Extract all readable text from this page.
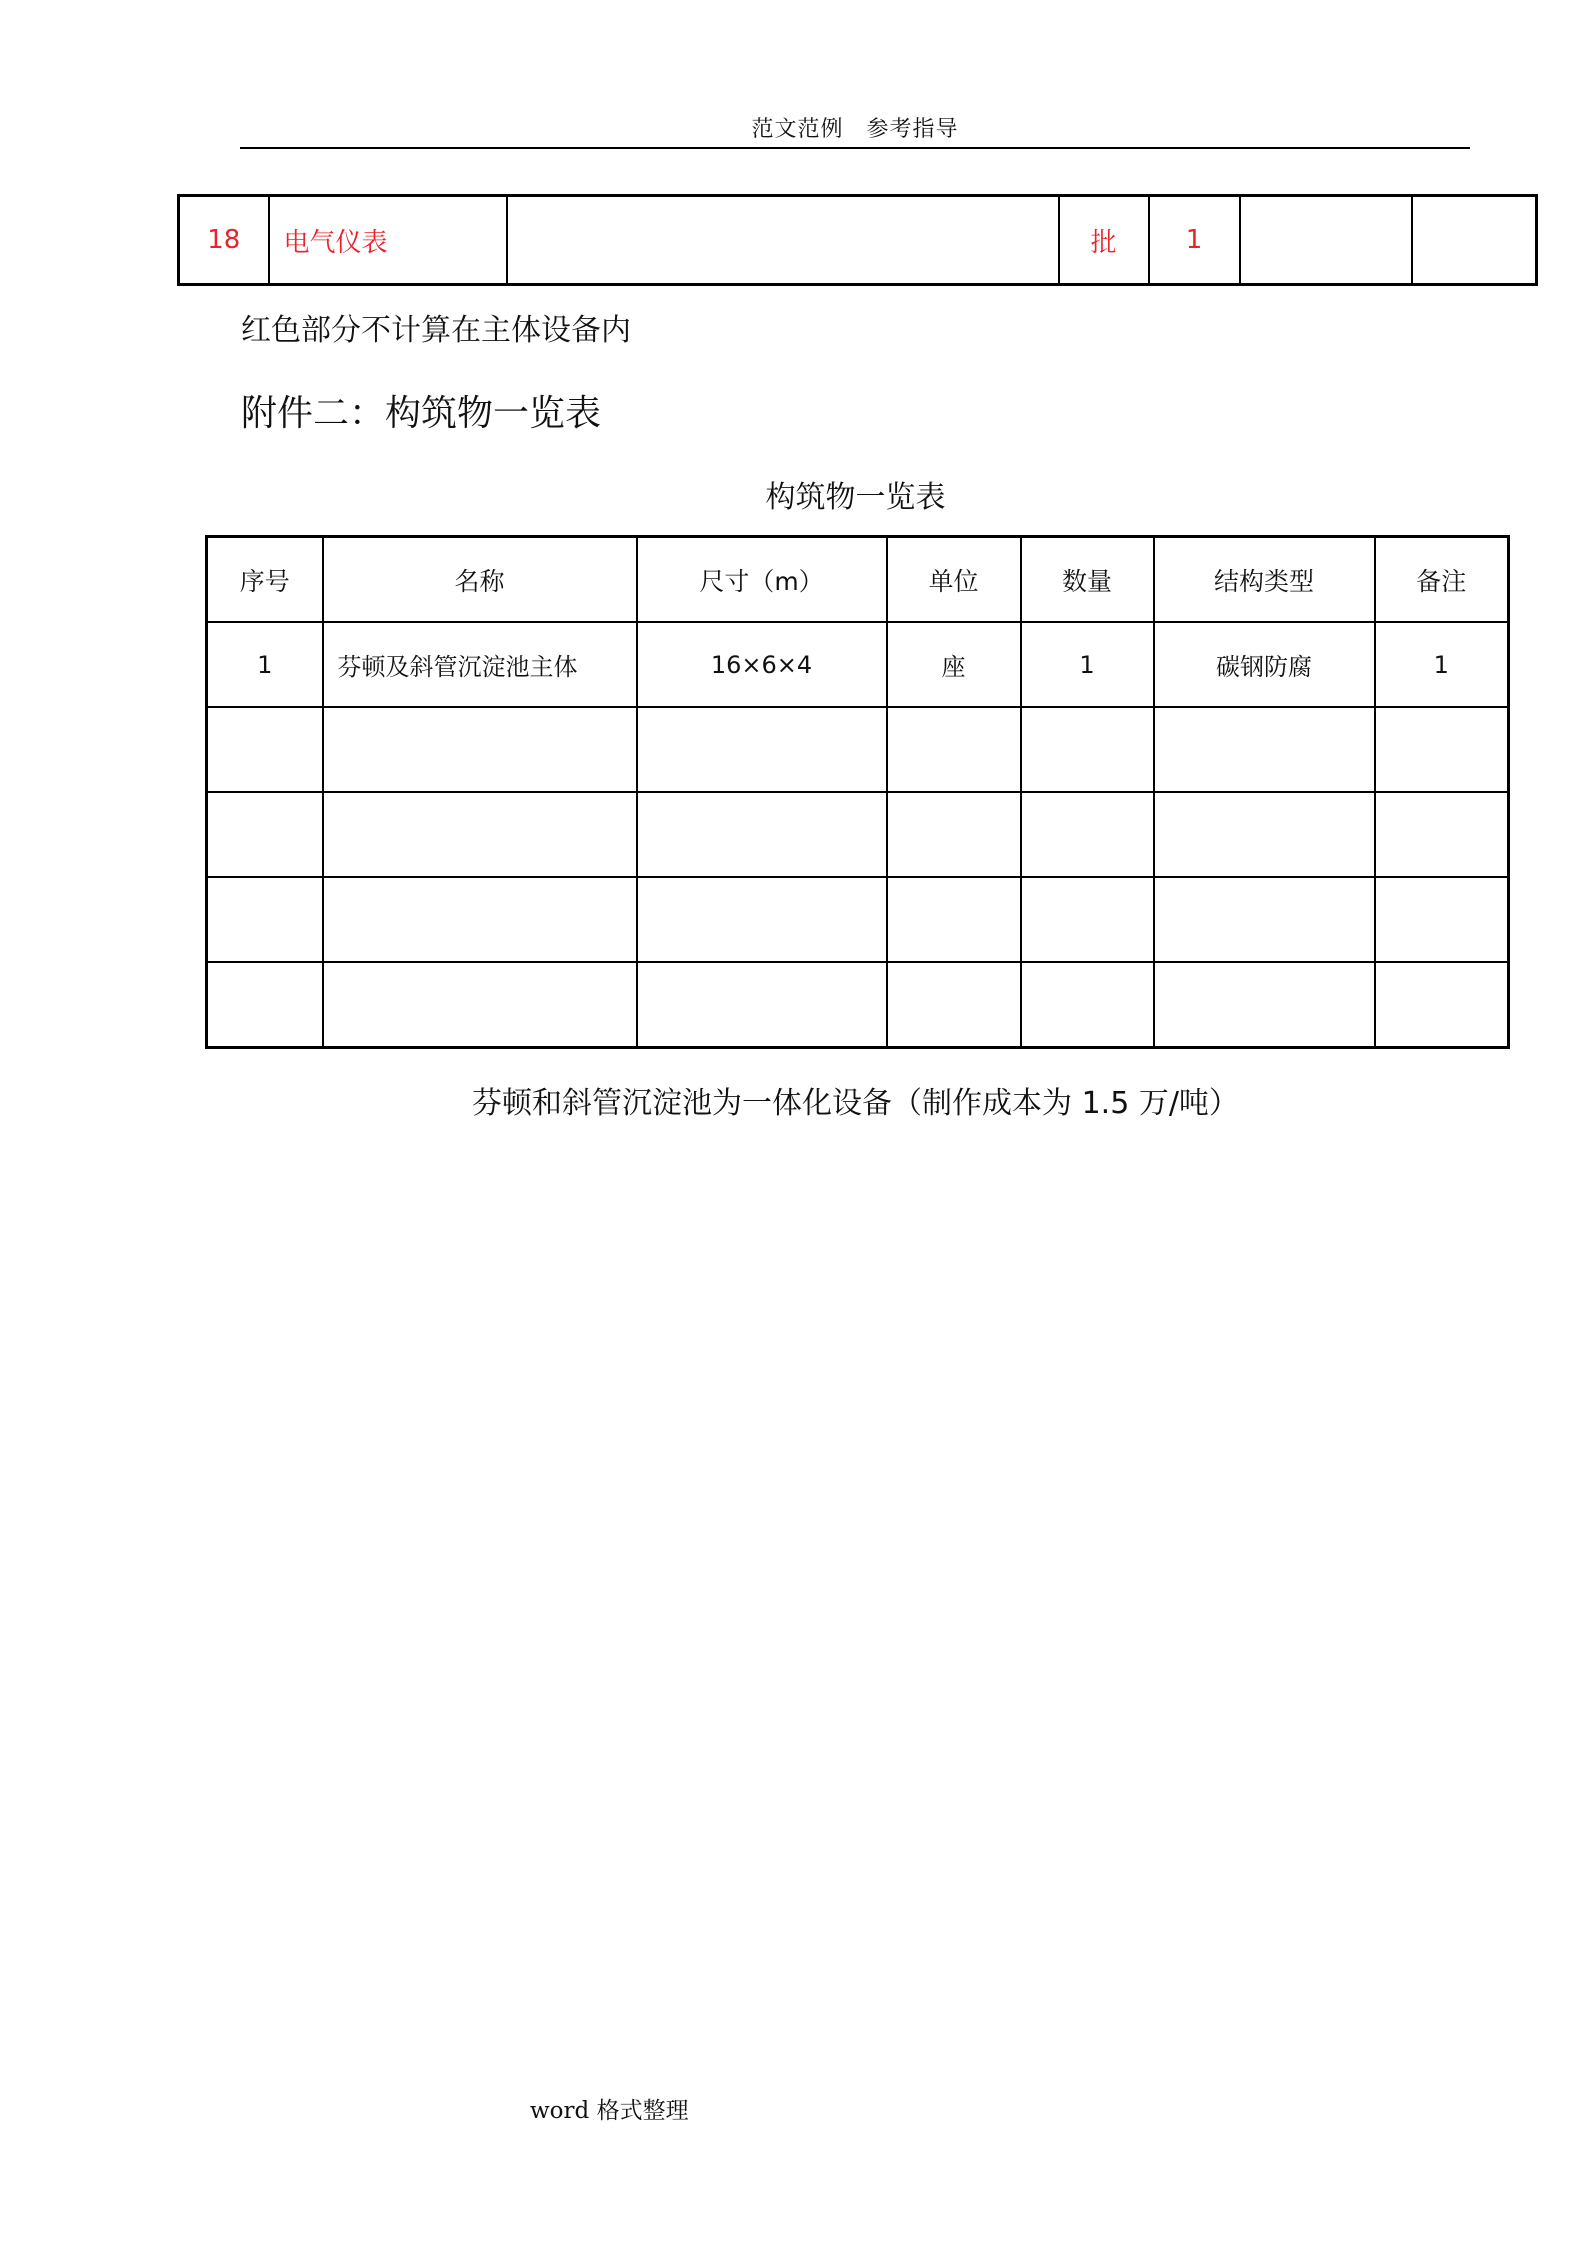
范文范例　参考指导
18	电气仪表		批	1		
红色部分不计算在主体设备内
附件二：构筑物一览表
构筑物一览表
序号	名称	尺寸（m）	单位	数量	结构类型	备注
1	芬顿及斜管沉淀池主体	16×6×4	座	1	碳钢防腐	1

芬顿和斜管沉淀池为一体化设备（制作成本为 1.5 万/吨）
word 格式整理
